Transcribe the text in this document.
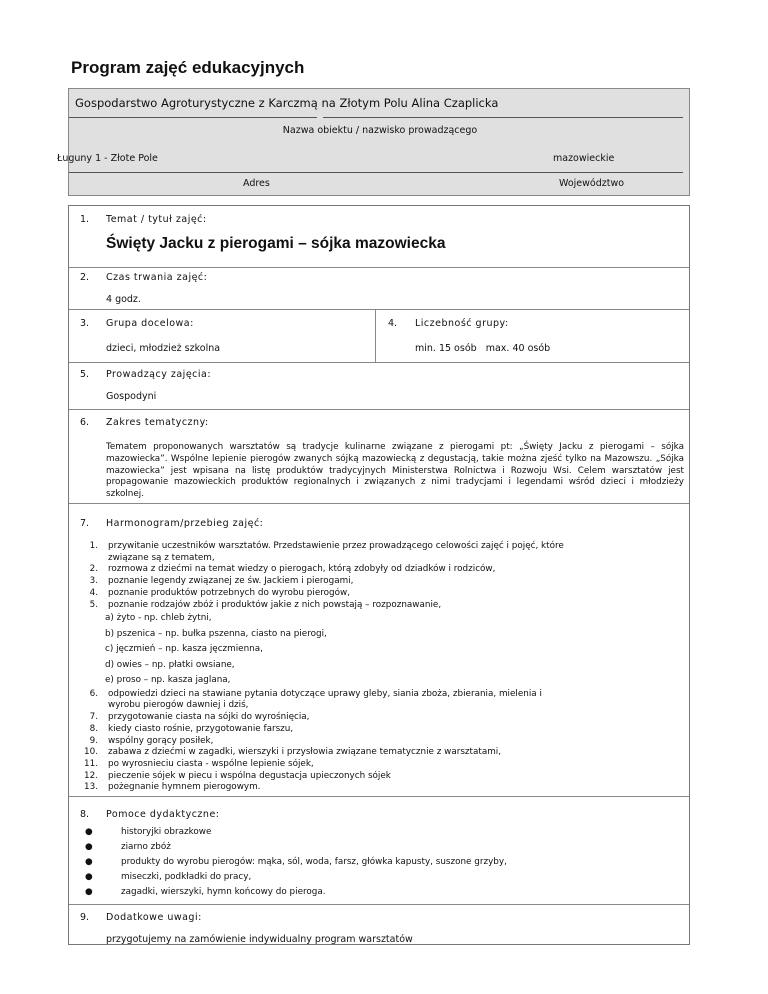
Program zajęć edukacyjnych
Gospodarstwo Agroturystyczne z Karczmą na Złotym Polu Alina Czaplicka
Nazwa obiektu / nazwisko prowadzącego
Ługuny 1 - Złote Pole	mazowieckie
Adres	Województwo
1. Temat / tytuł zajęć:
Święty Jacku z pierogami – sójka mazowiecka
2. Czas trwania zajęć:
4 godz.
3. Grupa docelowa:
dzieci, młodzież szkolna
4. Liczebność grupy:
min. 15 osób   max. 40 osób
5. Prowadzący zajęcia:
Gospodyni
6. Zakres tematyczny:
Tematem proponowanych warsztatów są tradycje kulinarne związane z pierogami pt: „Święty Jacku z pierogami – sójka mazowiecka”. Wspólne lepienie pierogów zwanych sójką mazowiecką z degustacją, takie można zjeść tylko na Mazowszu. „Sójka mazowiecka” jest wpisana na listę produktów tradycyjnych Ministerstwa Rolnictwa i Rozwoju Wsi. Celem warsztatów jest propagowanie mazowieckich produktów regionalnych i związanych z nimi tradycjami i legendami wśród dzieci i młodzieży szkolnej.
7. Harmonogram/przebieg zajęć:
1. przywitanie uczestników warsztatów. Przedstawienie przez prowadzącego celowości zajęć i pojęć, które
związane są z tematem,
2. rozmowa z dziećmi na temat wiedzy o pierogach, którą zdobyły od dziadków i rodziców,
3. poznanie legendy związanej ze św. Jackiem i pierogami,
4. poznanie produktów potrzebnych do wyrobu pierogów,
5. poznanie rodzajów zbóż i produktów jakie z nich powstają – rozpoznawanie,
a) żyto - np. chleb żytni,
b) pszenica – np. bułka pszenna, ciasto na pierogi,
c) jęczmień – np. kasza jęczmienna,
d) owies – np. płatki owsiane,
e) proso – np. kasza jaglana,
6. odpowiedzi dzieci na stawiane pytania dotyczące uprawy gleby, siania zboża, zbierania, mielenia i
wyrobu pierogów dawniej i dziś,
7. przygotowanie ciasta na sójki do wyrośnięcia,
8. kiedy ciasto rośnie, przygotowanie farszu,
9. wspólny gorący posiłek,
10. zabawa z dziećmi w zagadki, wierszyki i przysłowia związane tematycznie z warsztatami,
11. po wyrosnieciu ciasta - wspólne lepienie sójek,
12. pieczenie sójek w piecu i wspólna degustacja upieczonych sójek
13. pożegnanie hymnem pierogowym.
8. Pomoce dydaktyczne:
●	historyjki obrazkowe
●	ziarno zbóż
●	produkty do wyrobu pierogów: mąka, sól, woda, farsz, główka kapusty, suszone grzyby,
●	miseczki, podkładki do pracy,
●	zagadki, wierszyki, hymn końcowy do pieroga.
9. Dodatkowe uwagi:
przygotujemy na zamówienie indywidualny program warsztatów
